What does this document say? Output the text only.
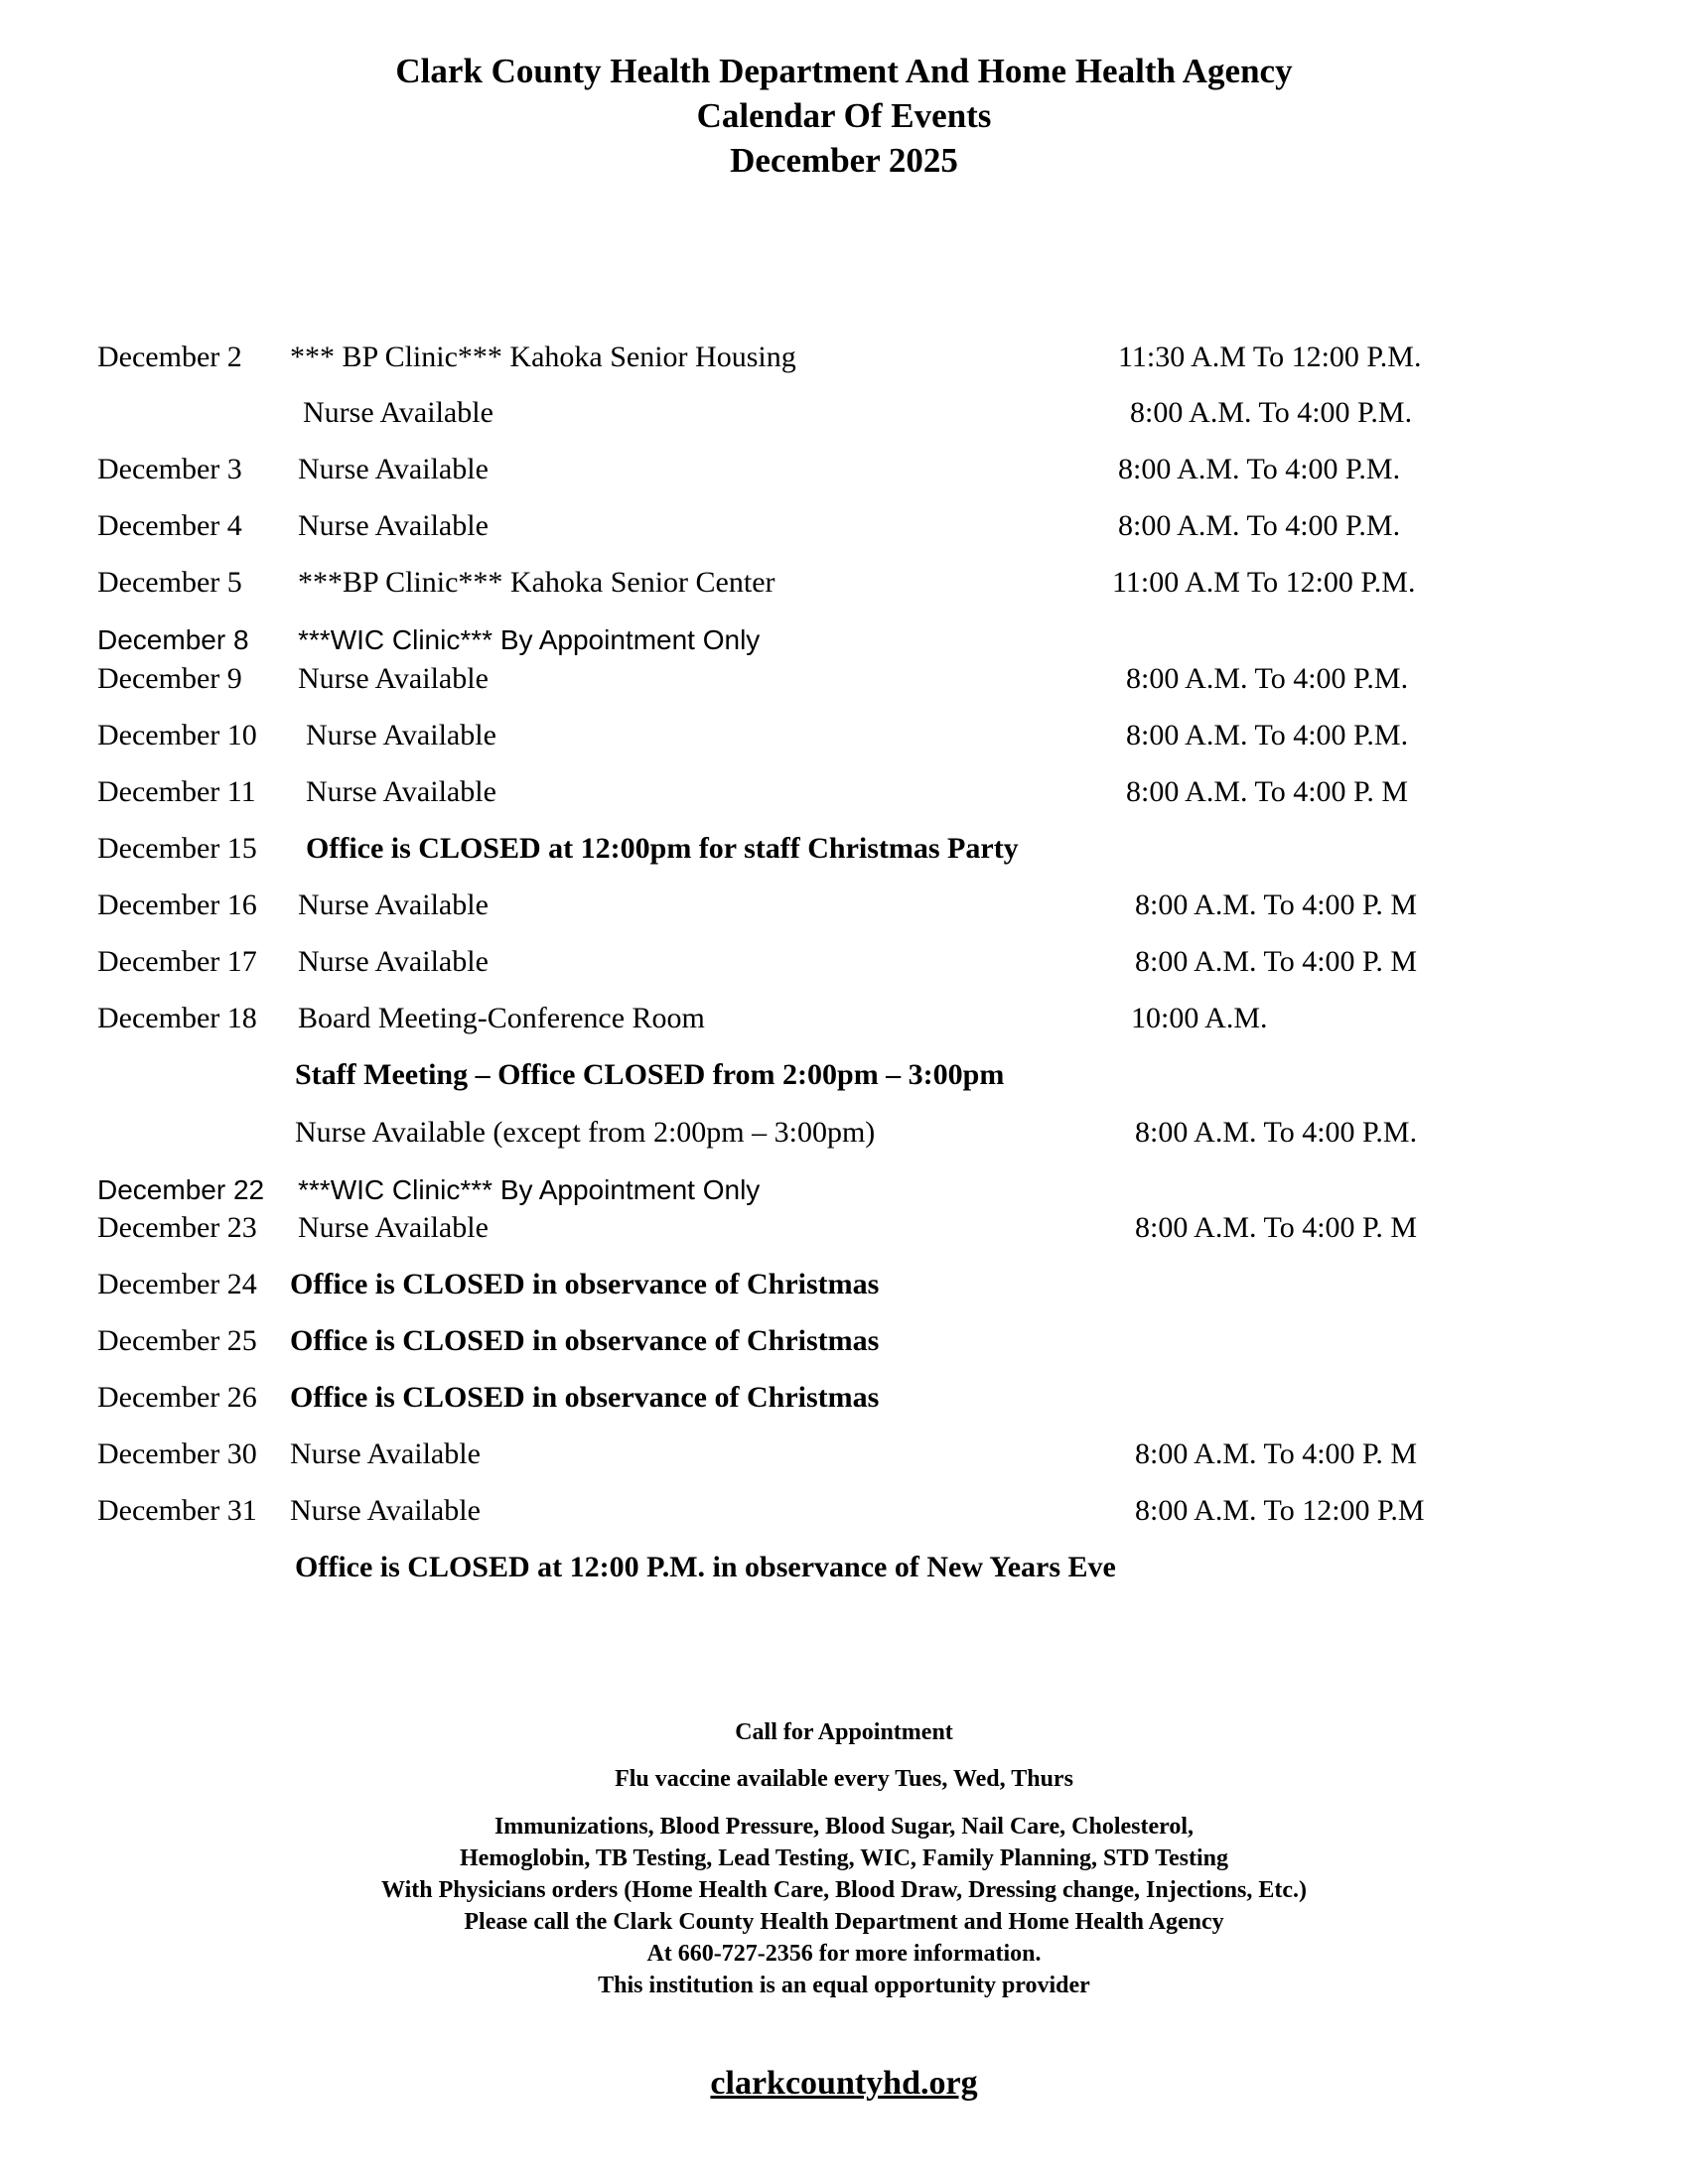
Clark County Health Department And Home Health Agency
Calendar Of Events
December 2025
December 2 *** BP Clinic*** Kahoka Senior Housing	11:30 A.M To 12:00 P.M.
Nurse Available	8:00 A.M. To 4:00 P.M.
December 3 Nurse Available	8:00 A.M. To 4:00 P.M.
December 4 Nurse Available	8:00 A.M. To 4:00 P.M.
December 5 ***BP Clinic*** Kahoka Senior Center	11:00 A.M To 12:00 P.M.
December 8 ***WIC Clinic*** By Appointment Only
December 9 Nurse Available	8:00 A.M. To 4:00 P.M.
December 10 Nurse Available	8:00 A.M. To 4:00 P.M.
December 11 Nurse Available	8:00 A.M. To 4:00 P. M
December 15 Office is CLOSED at 12:00pm for staff Christmas Party
December 16 Nurse Available	8:00 A.M. To 4:00 P. M
December 17 Nurse Available	8:00 A.M. To 4:00 P. M
December 18 Board Meeting-Conference Room	10:00 A.M.
Staff Meeting – Office CLOSED from 2:00pm – 3:00pm
Nurse Available (except from 2:00pm – 3:00pm)	8:00 A.M. To 4:00 P.M.
December 22 ***WIC Clinic*** By Appointment Only
December 23 Nurse Available	8:00 A.M. To 4:00 P. M
December 24 Office is CLOSED in observance of Christmas
December 25 Office is CLOSED in observance of Christmas
December 26 Office is CLOSED in observance of Christmas
December 30 Nurse Available	8:00 A.M. To 4:00 P. M
December 31 Nurse Available	8:00 A.M. To 12:00 P.M
Office is CLOSED at 12:00 P.M. in observance of New Years Eve
Call for Appointment
Flu vaccine available every Tues, Wed, Thurs
Immunizations, Blood Pressure, Blood Sugar, Nail Care, Cholesterol,
Hemoglobin, TB Testing, Lead Testing, WIC, Family Planning, STD Testing
With Physicians orders (Home Health Care, Blood Draw, Dressing change, Injections, Etc.)
Please call the Clark County Health Department and Home Health Agency
At 660-727-2356 for more information.
This institution is an equal opportunity provider
clarkcountyhd.org
